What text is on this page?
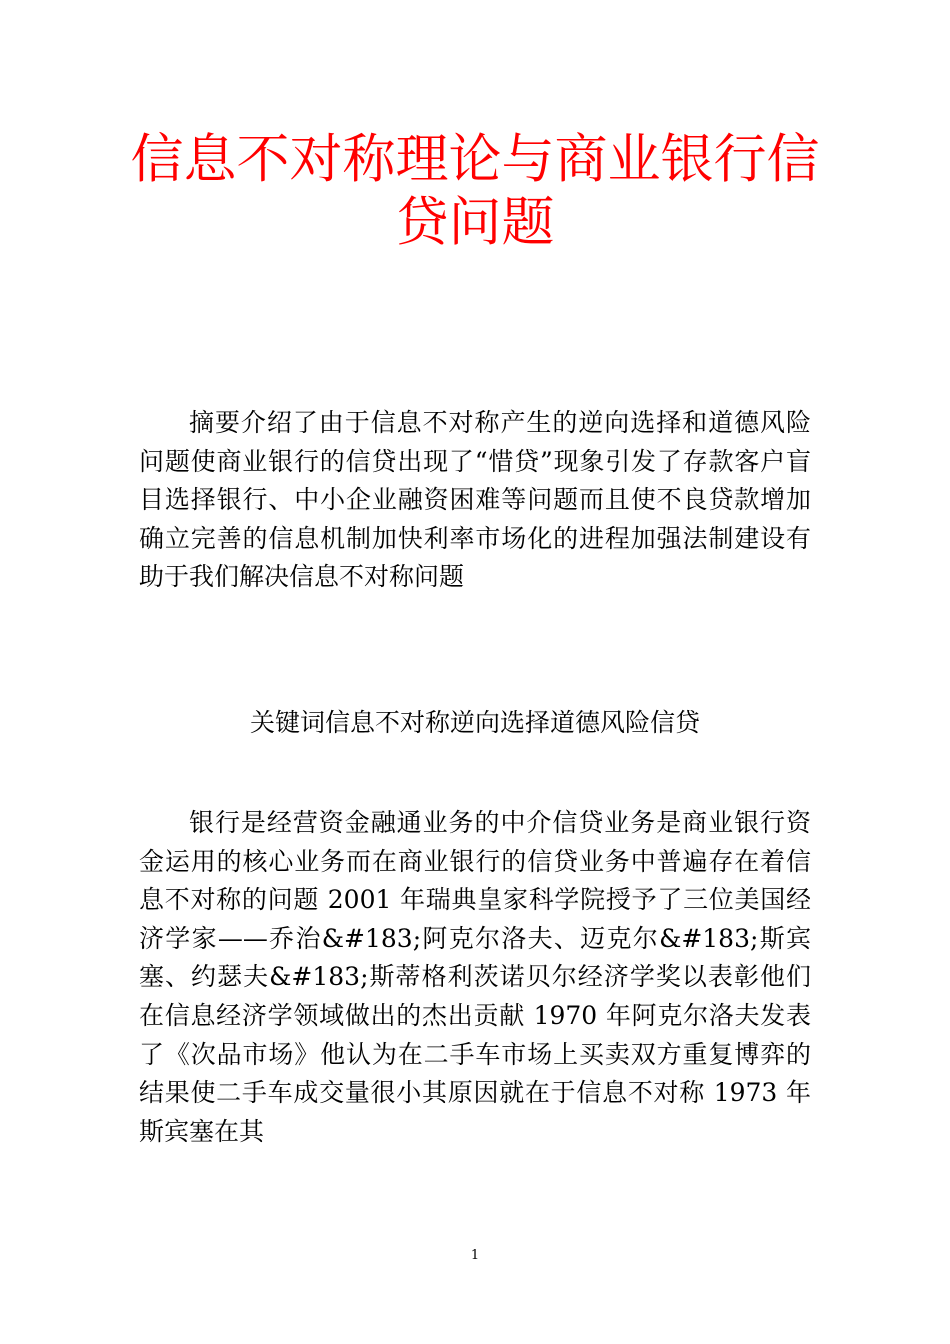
信息不对称理论与商业银行信贷问题

摘要介绍了由于信息不对称产生的逆向选择和道德风险问题使商业银行的信贷出现了“惜贷”现象引发了存款客户盲目选择银行、中小企业融资困难等问题而且使不良贷款增加确立完善的信息机制加快利率市场化的进程加强法制建设有助于我们解决信息不对称问题

关键词信息不对称逆向选择道德风险信贷

银行是经营资金融通业务的中介信贷业务是商业银行资金运用的核心业务而在商业银行的信贷业务中普遍存在着信息不对称的问题 2001 年瑞典皇家科学院授予了三位美国经济学家——乔治&#183;阿克尔洛夫、迈克尔&#183;斯宾塞、约瑟夫&#183;斯蒂格利茨诺贝尔经济学奖以表彰他们在信息经济学领域做出的杰出贡献 1970 年阿克尔洛夫发表了《次品市场》他认为在二手车市场上买卖双方重复博弈的结果使二手车成交量很小其原因就在于信息不对称 1973 年斯宾塞在其

1
